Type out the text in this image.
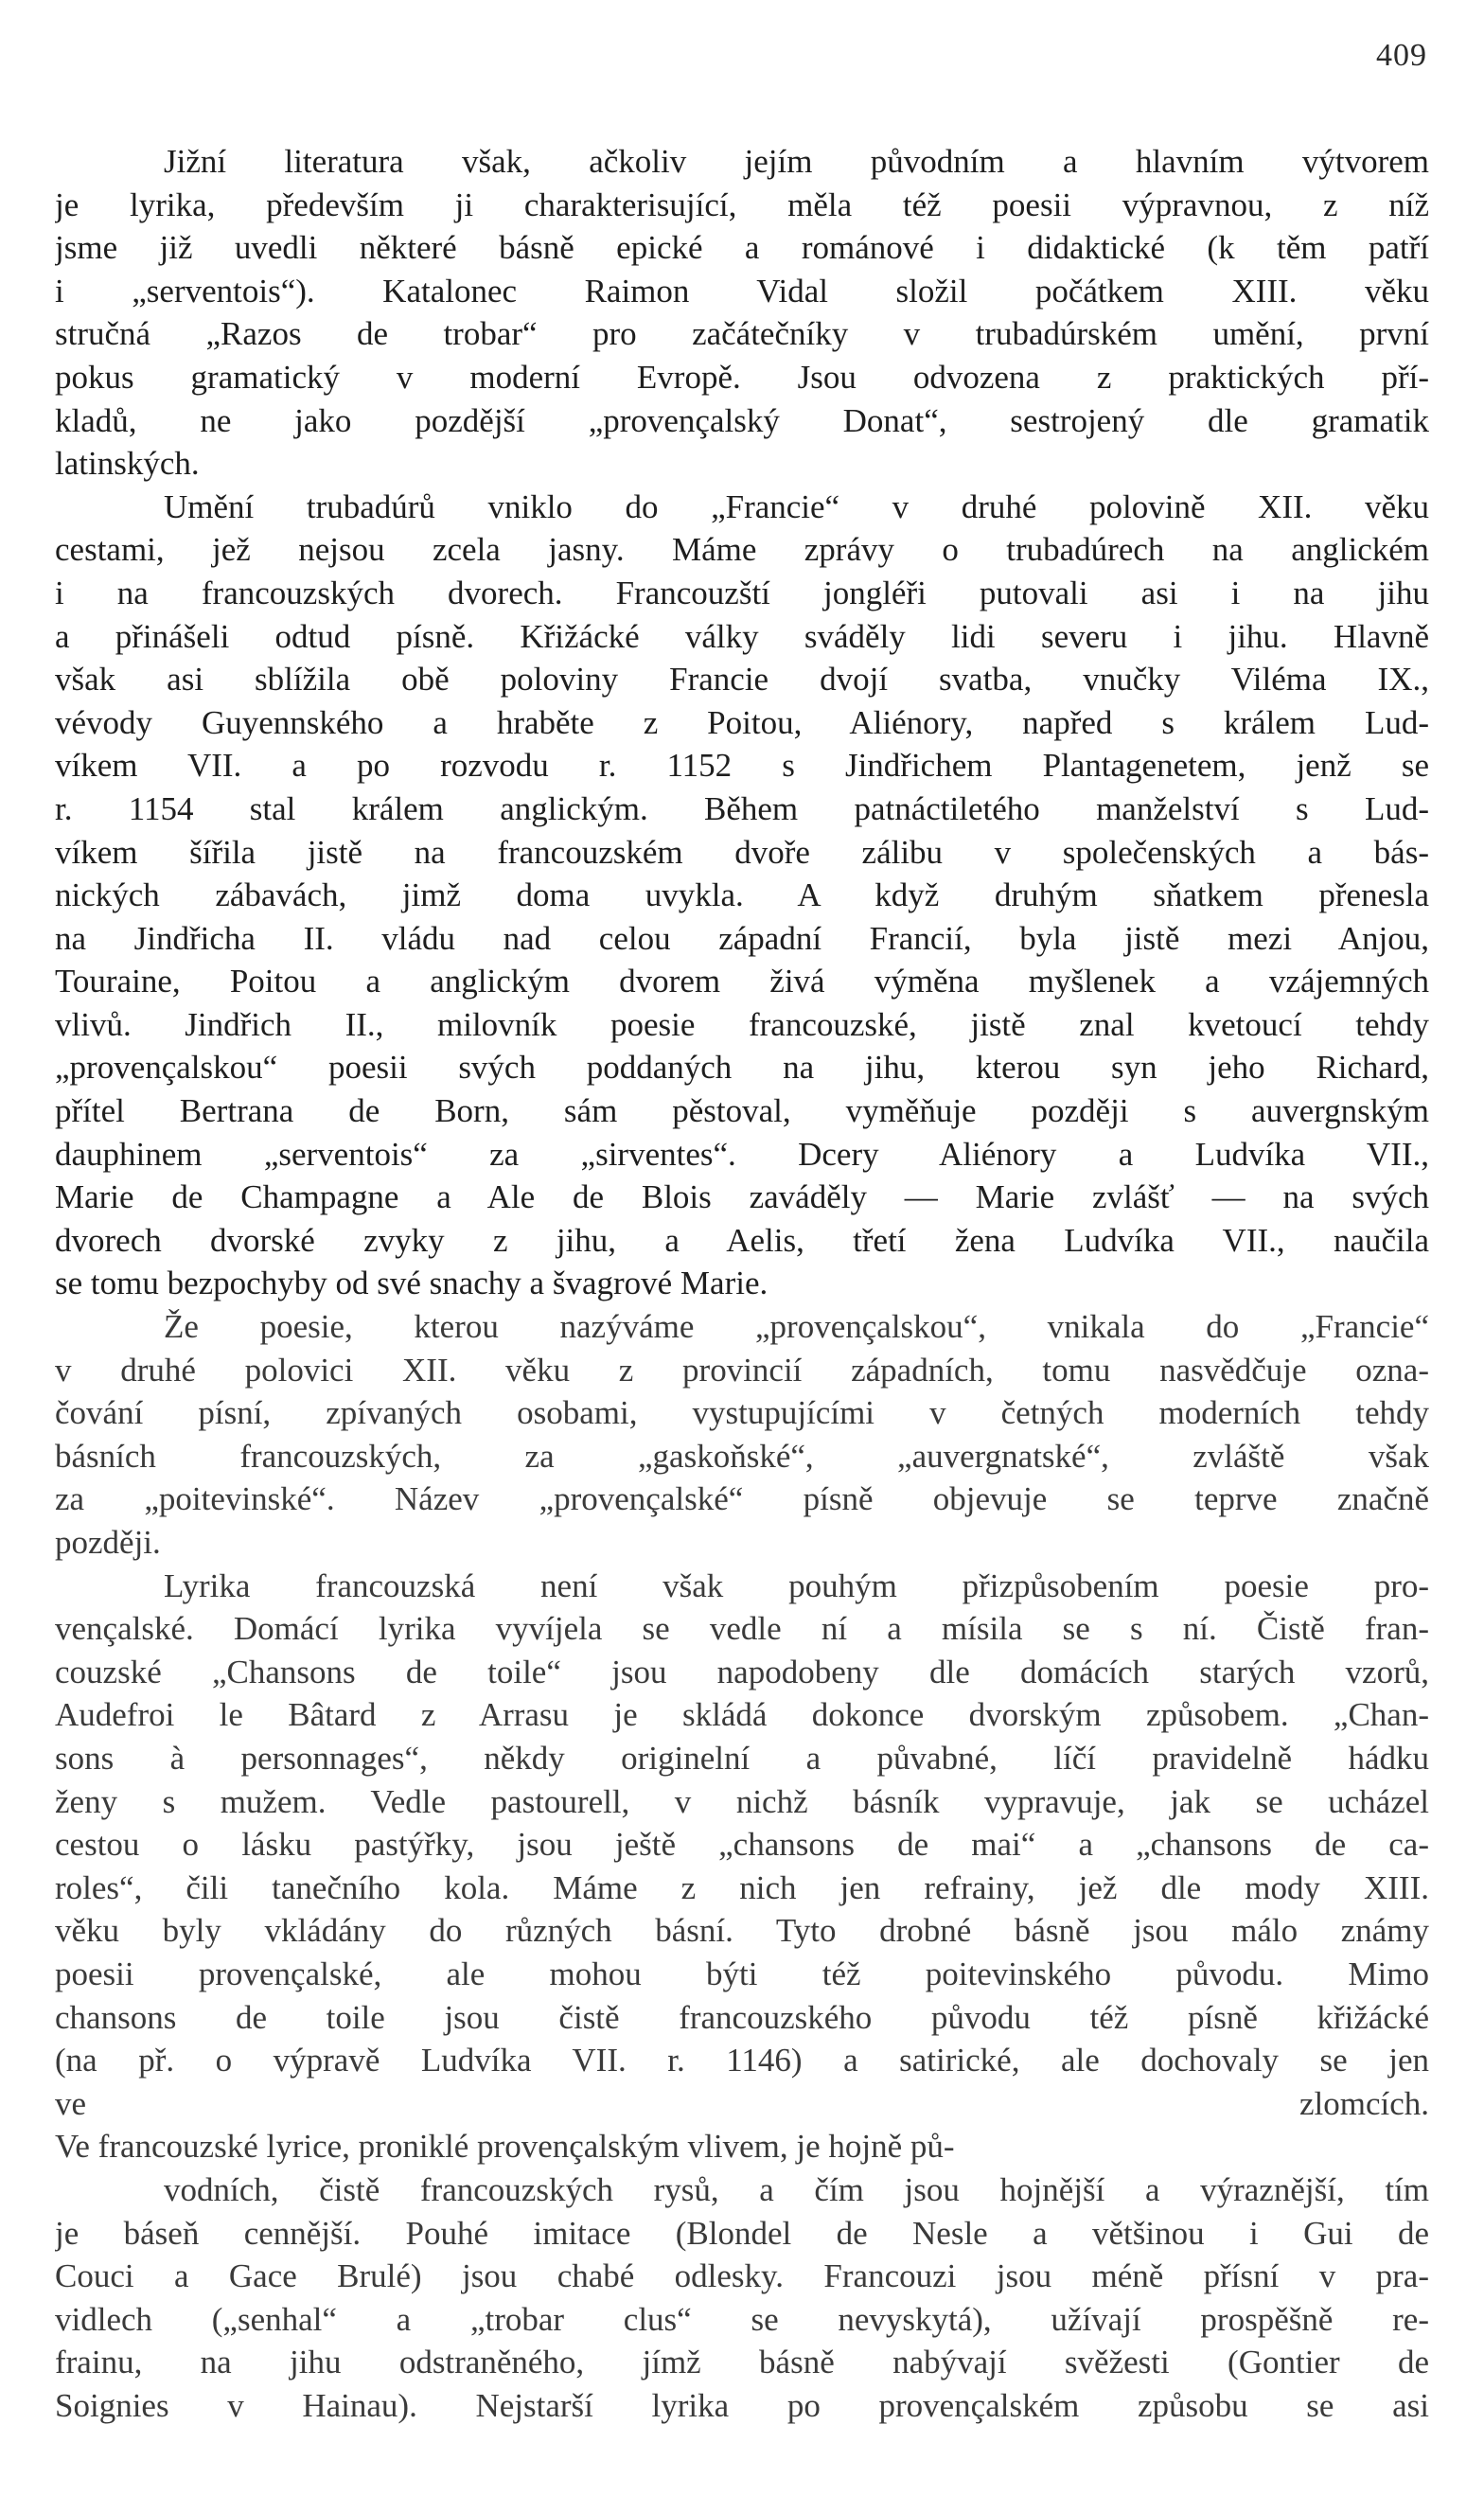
409
Jižní literatura však, ačkoliv jejím původním a hlavním výtvorem
je lyrika, především ji charakterisující, měla též poesii výpravnou, z níž
jsme již uvedli některé básně epické a románové i didaktické (k těm patří
i „serventois“). Katalonec Raimon Vidal složil počátkem XIII. věku
stručná „Razos de trobar“ pro začátečníky v trubadúrském umění, první
pokus gramatický v moderní Evropě. Jsou odvozena z praktických pří-
kladů, ne jako pozdější „provençalský Donat“, sestrojený dle gramatik
latinských.
Umění trubadúrů vniklo do „Francie“ v druhé polovině XII. věku
cestami, jež nejsou zcela jasny. Máme zprávy o trubadúrech na anglickém
i na francouzských dvorech. Francouzští jongléři putovali asi i na jihu
a přinášeli odtud písně. Křižácké války sváděly lidi severu i jihu. Hlavně
však asi sblížila obě poloviny Francie dvojí svatba, vnučky Viléma IX.,
vévody Guyennského a hraběte z Poitou, Aliénory, napřed s králem Lud-
víkem VII. a po rozvodu r. 1152 s Jindřichem Plantagenetem, jenž se
r. 1154 stal králem anglickým. Během patnáctiletého manželství s Lud-
víkem šířila jistě na francouzském dvoře zálibu v společenských a bás-
nických zábavách, jimž doma uvykla. A když druhým sňatkem přenesla
na Jindřicha II. vládu nad celou západní Francií, byla jistě mezi Anjou,
Touraine, Poitou a anglickým dvorem živá výměna myšlenek a vzájemných
vlivů. Jindřich II., milovník poesie francouzské, jistě znal kvetoucí tehdy
„provençalskou“ poesii svých poddaných na jihu, kterou syn jeho Richard,
přítel Bertrana de Born, sám pěstoval, vyměňuje později s auvergnským
dauphinem „serventois“ za „sirventes“. Dcery Aliénory a Ludvíka VII.,
Marie de Champagne a Ale de Blois zaváděly — Marie zvlášť — na svých
dvorech dvorské zvyky z jihu, a Aelis, třetí žena Ludvíka VII., naučila
se tomu bezpochyby od své snachy a švagrové Marie.
Že poesie, kterou nazýváme „provençalskou“, vnikala do „Francie“
v druhé polovici XII. věku z provincií západních, tomu nasvědčuje ozna-
čování písní, zpívaných osobami, vystupujícími v četných moderních tehdy
básních francouzských, za „gaskoňské“, „auvergnatské“, zvláště však
za „poitevinské“. Název „provençalské“ písně objevuje se teprve značně
později.
Lyrika francouzská není však pouhým přizpůsobením poesie pro-
vençalské. Domácí lyrika vyvíjela se vedle ní a mísila se s ní. Čistě fran-
couzské „Chansons de toile“ jsou napodobeny dle domácích starých vzorů,
Audefroi le Bâtard z Arrasu je skládá dokonce dvorským způsobem. „Chan-
sons à personnages“, někdy originelní a půvabné, líčí pravidelně hádku
ženy s mužem. Vedle pastourell, v nichž básník vypravuje, jak se ucházel
cestou o lásku pastýřky, jsou ještě „chansons de mai“ a „chansons de ca-
roles“, čili tanečního kola. Máme z nich jen refrainy, jež dle mody XIII.
věku byly vkládány do různých básní. Tyto drobné básně jsou málo známy
poesii provençalské, ale mohou býti též poitevinského původu. Mimo
chansons de toile jsou čistě francouzského původu též písně křižácké
(na př. o výpravě Ludvíka VII. r. 1146) a satirické, ale dochovaly se jen
ve zlomcích.
Ve francouzské lyrice, proniklé provençalským vlivem, je hojně pů-
vodních, čistě francouzských rysů, a čím jsou hojnější a výraznější, tím
je báseň cennější. Pouhé imitace (Blondel de Nesle a většinou i Gui de
Couci a Gace Brulé) jsou chabé odlesky. Francouzi jsou méně přísní v pra-
vidlech („senhal“ a „trobar clus“ se nevyskytá), užívají prospěšně re-
frainu, na jihu odstraněného, jímž básně nabývají svěžesti (Gontier de
Soignies v Hainau). Nejstarší lyrika po provençalském způsobu se asi
